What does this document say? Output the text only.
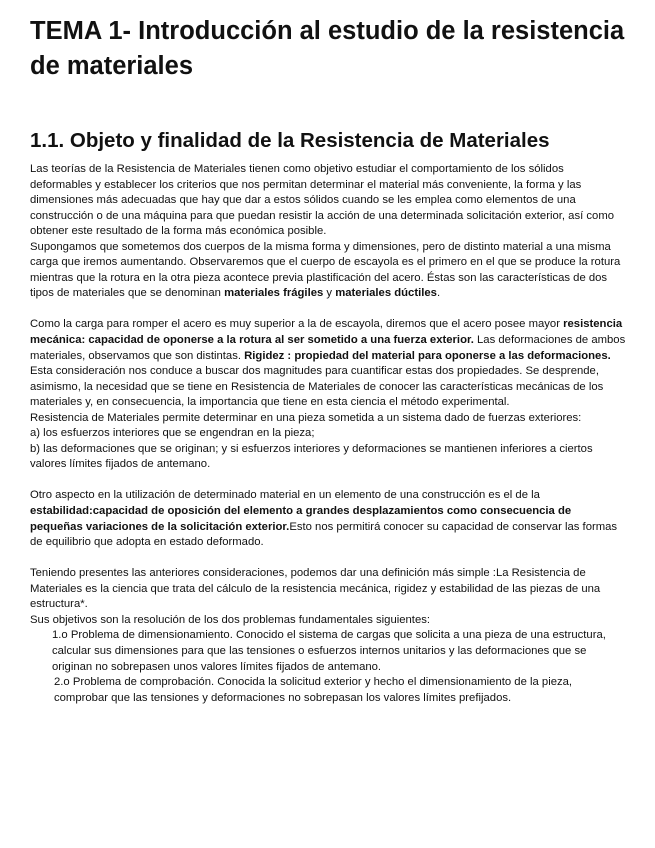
TEMA 1- Introducción al estudio de la resistencia de materiales
1.1. Objeto y finalidad de la Resistencia de Materiales

Las teorías de la Resistencia de Materiales tienen como objetivo estudiar el comportamiento de los sólidos deformables y establecer los criterios que nos permitan determinar el material más conveniente, la forma y las dimensiones más adecuadas que hay que dar a estos sólidos cuando se les emplea como elementos de una construcción o de una máquina para que puedan resistir la acción de una determinada solicitación exterior, así como obtener este resultado de la forma más económica posible.

Supongamos que sometemos dos cuerpos de la misma forma y dimensiones, pero de distinto material a una misma carga que iremos aumentando. Observaremos que el cuerpo de escayola es el primero en el que se produce la rotura mientras que la rotura en la otra pieza acontece previa plastificación del acero. Éstas son las características de dos tipos de materiales que se denominan materiales frágiles y materiales dúctiles.

Como la carga para romper el acero es muy superior a la de escayola, diremos que el acero posee mayor resistencia mecánica: capacidad de oponerse a la rotura al ser sometido a una fuerza exterior. Las deformaciones de ambos materiales, observamos que son distintas. Rigidez : propiedad del material para oponerse a las deformaciones.

Esta consideración nos conduce a buscar dos magnitudes para cuantificar estas dos propiedades. Se desprende, asimismo, la necesidad que se tiene en Resistencia de Materiales de conocer las características mecánicas de los materiales y, en consecuencia, la importancia que tiene en esta ciencia el método experimental.

Resistencia de Materiales permite determinar en una pieza sometida a un sistema dado de fuerzas exteriores:

a) los esfuerzos interiores que se engendran en la pieza;

b) las deformaciones que se originan; y si esfuerzos interiores y deformaciones se mantienen inferiores a ciertos valores límites fijados de antemano.

Otro aspecto en la utilización de determinado material en un elemento de una construcción es el de la estabilidad:capacidad de oposición del elemento a grandes desplazamientos como consecuencia de pequeñas variaciones de la solicitación exterior.Esto nos permitirá conocer su capacidad de conservar las formas de equilibrio que adopta en estado deformado.

Teniendo presentes las anteriores consideraciones, podemos dar una definición más simple :La Resistencia de Materiales es la ciencia que trata del cálculo de la resistencia mecánica, rigidez y estabilidad de las piezas de una estructura*.

Sus objetivos son la resolución de los dos problemas fundamentales siguientes:

1.o Problema de dimensionamiento. Conocido el sistema de cargas que solicita a una pieza de una estructura, calcular sus dimensiones para que las tensiones o esfuerzos internos unitarios y las deformaciones que se originan no sobrepasen unos valores límites fijados de antemano.

2.o Problema de comprobación. Conocida la solicitud exterior y hecho el dimensionamiento de la pieza, comprobar que las tensiones y deformaciones no sobrepasan los valores límites prefijados.
